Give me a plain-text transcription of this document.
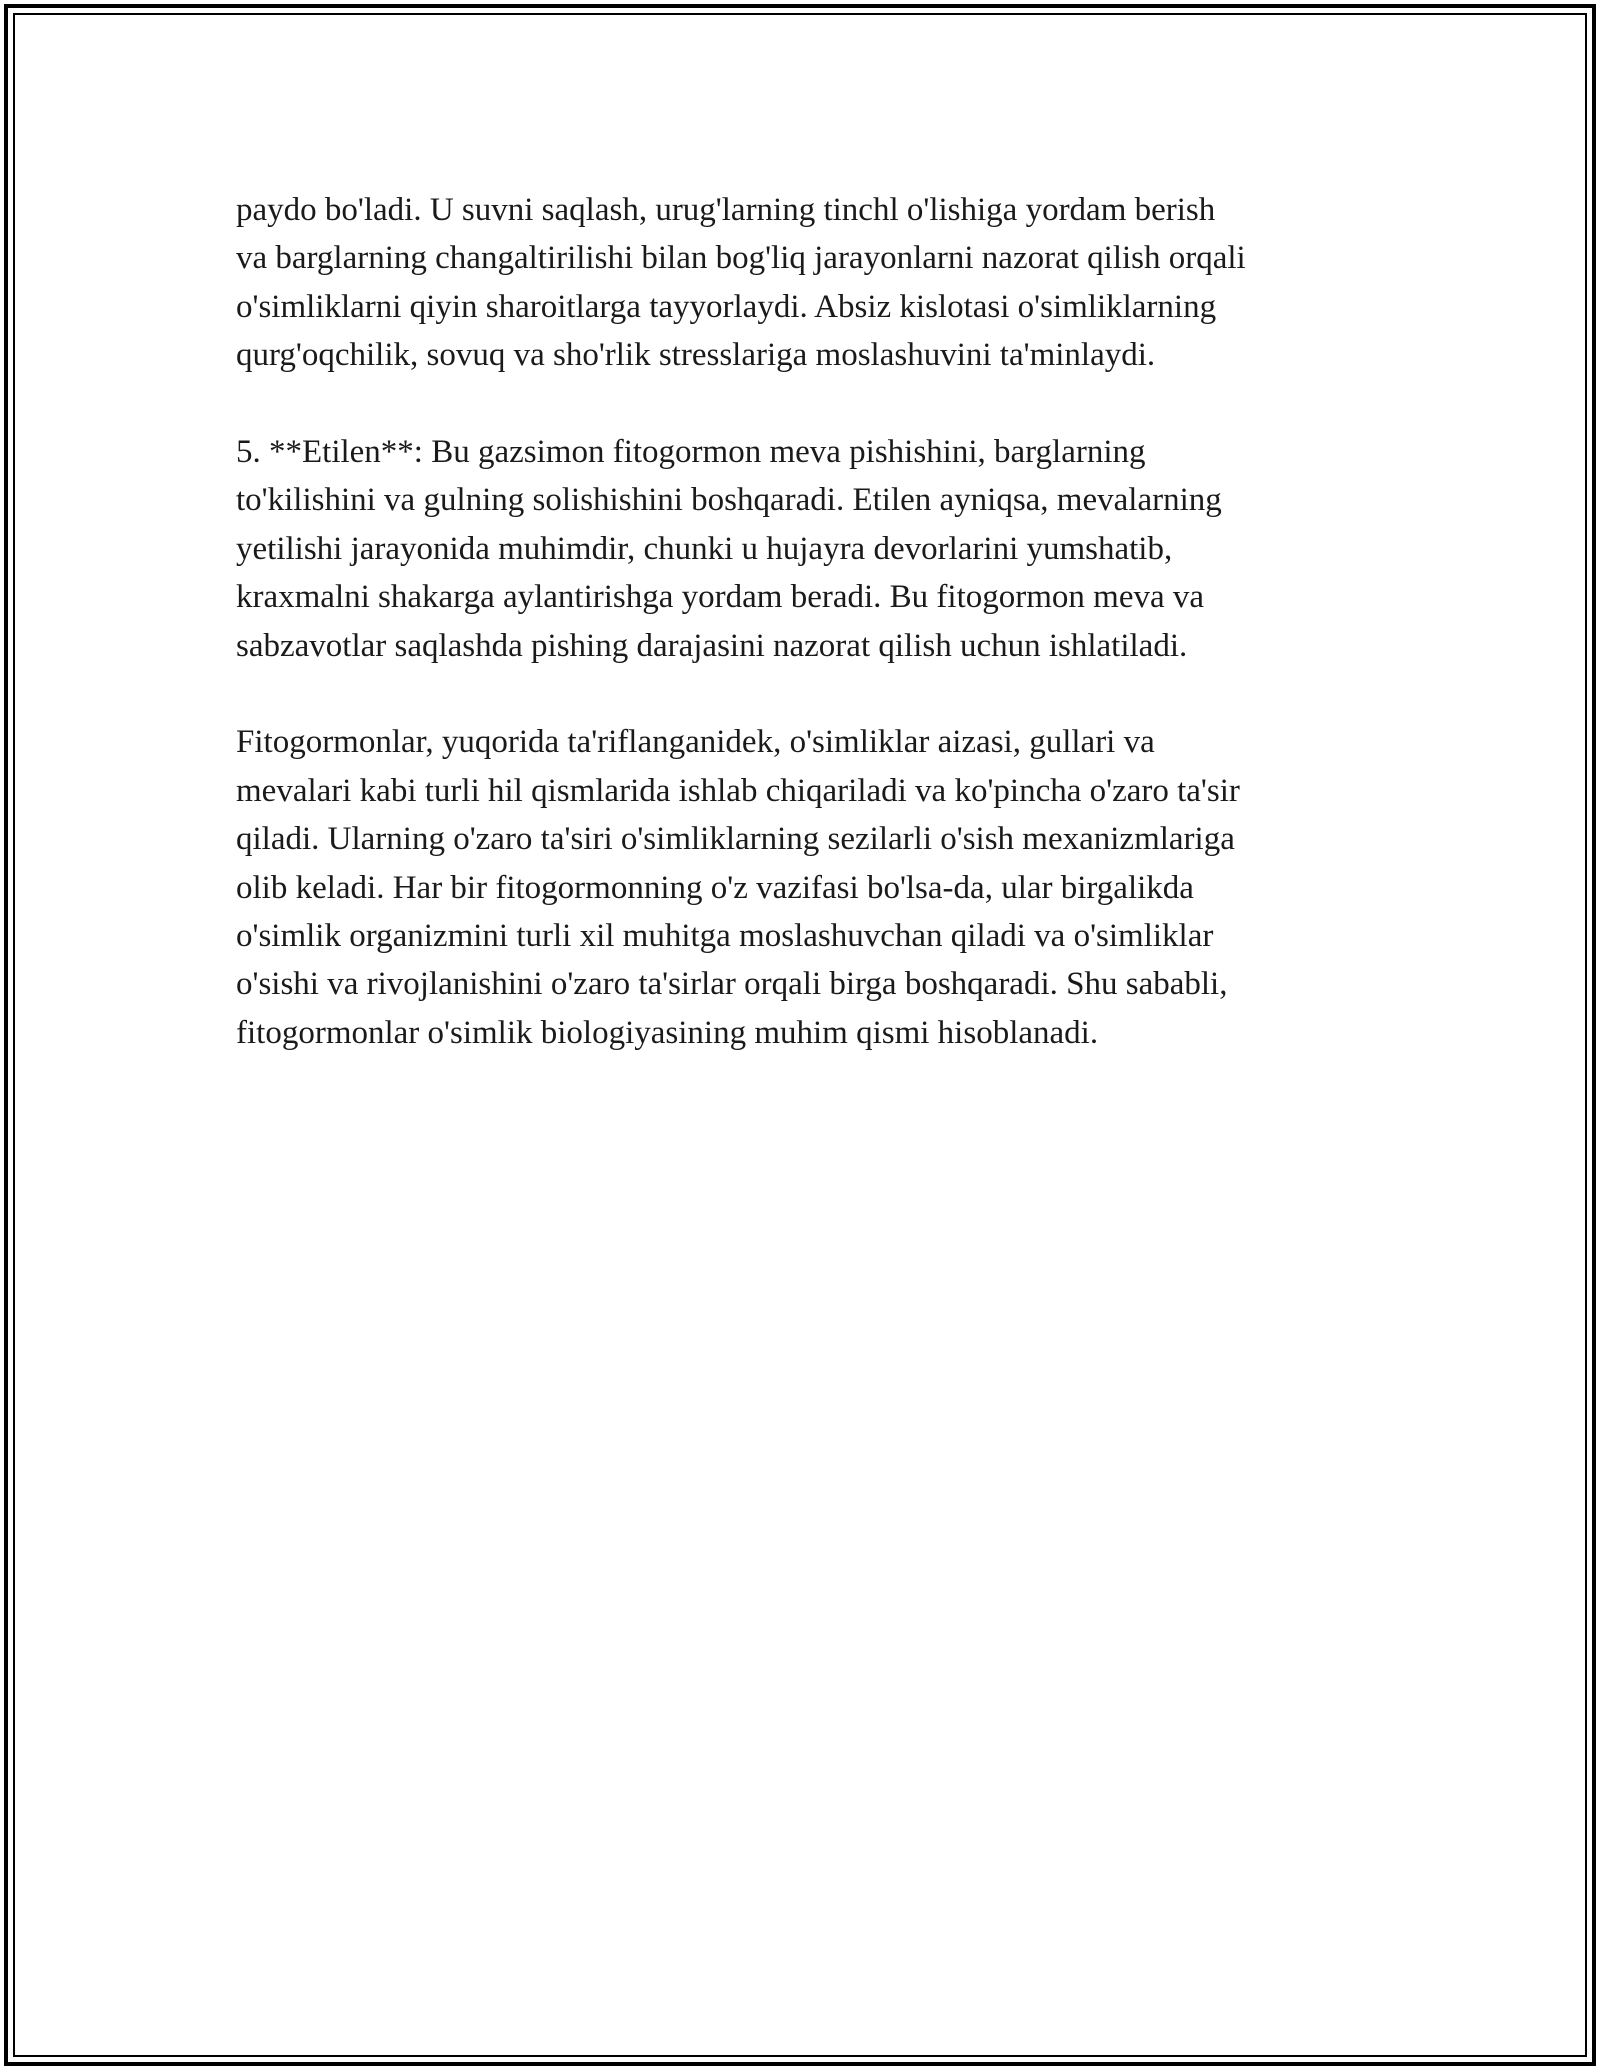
paydo bo'ladi. U suvni saqlash, urug'larning tinchl o'lishiga yordam berish
va barglarning changaltirilishi bilan bog'liq jarayonlarni nazorat qilish orqali
o'simliklarni qiyin sharoitlarga tayyorlaydi. Absiz kislotasi o'simliklarning
qurg'oqchilik, sovuq va sho'rlik stresslariga moslashuvini ta'minlaydi.

5. **Etilen**: Bu gazsimon fitogormon meva pishishini, barglarning
to'kilishini va gulning solishishini boshqaradi. Etilen ayniqsa, mevalarning
yetilishi jarayonida muhimdir, chunki u hujayra devorlarini yumshatib,
kraxmalni shakarga aylantirishga yordam beradi. Bu fitogormon meva va
sabzavotlar saqlashda pishing darajasini nazorat qilish uchun ishlatiladi.

Fitogormonlar, yuqorida ta'riflanganidek, o'simliklar aizasi, gullari va
mevalari kabi turli hil qismlarida ishlab chiqariladi va ko'pincha o'zaro ta'sir
qiladi. Ularning o'zaro ta'siri o'simliklarning sezilarli o'sish mexanizmlariga
olib keladi. Har bir fitogormonning o'z vazifasi bo'lsa-da, ular birgalikda
o'simlik organizmini turli xil muhitga moslashuvchan qiladi va o'simliklar
o'sishi va rivojlanishini o'zaro ta'sirlar orqali birga boshqaradi. Shu sababli,
fitogormonlar o'simlik biologiyasining muhim qismi hisoblanadi.
